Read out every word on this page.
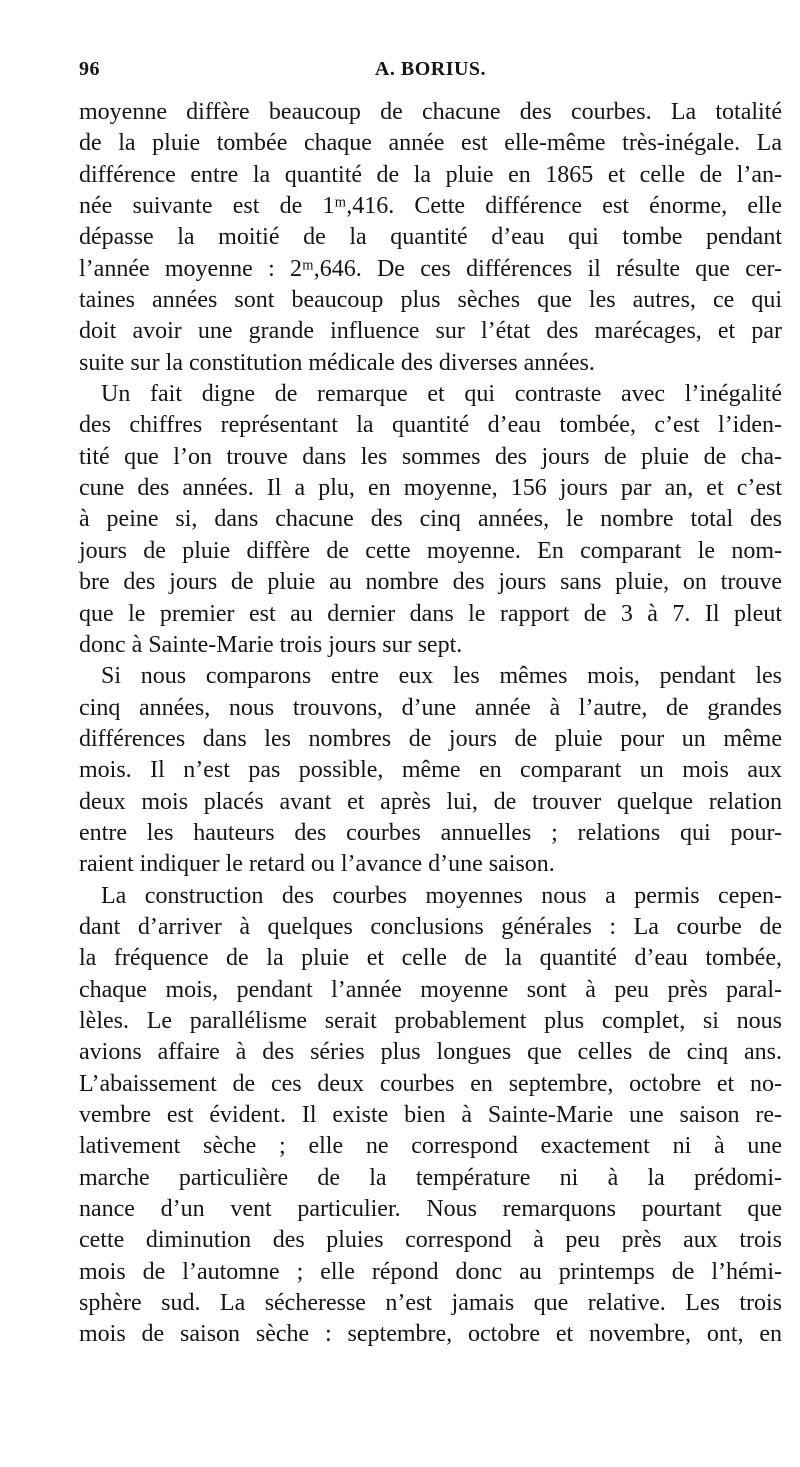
96	A. BORIUS.
moyenne diffère beaucoup de chacune des courbes. La totalité
de la pluie tombée chaque année est elle-même très-inégale. La
différence entre la quantité de la pluie en 1865 et celle de l’an-
née suivante est de 1ᵐ,416. Cette différence est énorme, elle
dépasse la moitié de la quantité d’eau qui tombe pendant
l’année moyenne : 2ᵐ,646. De ces différences il résulte que cer-
taines années sont beaucoup plus sèches que les autres, ce qui
doit avoir une grande influence sur l’état des marécages, et par
suite sur la constitution médicale des diverses années.
Un fait digne de remarque et qui contraste avec l’inégalité
des chiffres représentant la quantité d’eau tombée, c’est l’iden-
tité que l’on trouve dans les sommes des jours de pluie de cha-
cune des années. Il a plu, en moyenne, 156 jours par an, et c’est
à peine si, dans chacune des cinq années, le nombre total des
jours de pluie diffère de cette moyenne. En comparant le nom-
bre des jours de pluie au nombre des jours sans pluie, on trouve
que le premier est au dernier dans le rapport de 3 à 7. Il pleut
donc à Sainte-Marie trois jours sur sept.
Si nous comparons entre eux les mêmes mois, pendant les
cinq années, nous trouvons, d’une année à l’autre, de grandes
différences dans les nombres de jours de pluie pour un même
mois. Il n’est pas possible, même en comparant un mois aux
deux mois placés avant et après lui, de trouver quelque relation
entre les hauteurs des courbes annuelles ; relations qui pour-
raient indiquer le retard ou l’avance d’une saison.
La construction des courbes moyennes nous a permis cepen-
dant d’arriver à quelques conclusions générales : La courbe de
la fréquence de la pluie et celle de la quantité d’eau tombée,
chaque mois, pendant l’année moyenne sont à peu près paral-
lèles. Le parallélisme serait probablement plus complet, si nous
avions affaire à des séries plus longues que celles de cinq ans.
L’abaissement de ces deux courbes en septembre, octobre et no-
vembre est évident. Il existe bien à Sainte-Marie une saison re-
lativement sèche ; elle ne correspond exactement ni à une
marche particulière de la température ni à la prédomi-
nance d’un vent particulier. Nous remarquons pourtant que
cette diminution des pluies correspond à peu près aux trois
mois de l’automne ; elle répond donc au printemps de l’hémi-
sphère sud. La sécheresse n’est jamais que relative. Les trois
mois de saison sèche : septembre, octobre et novembre, ont, en
